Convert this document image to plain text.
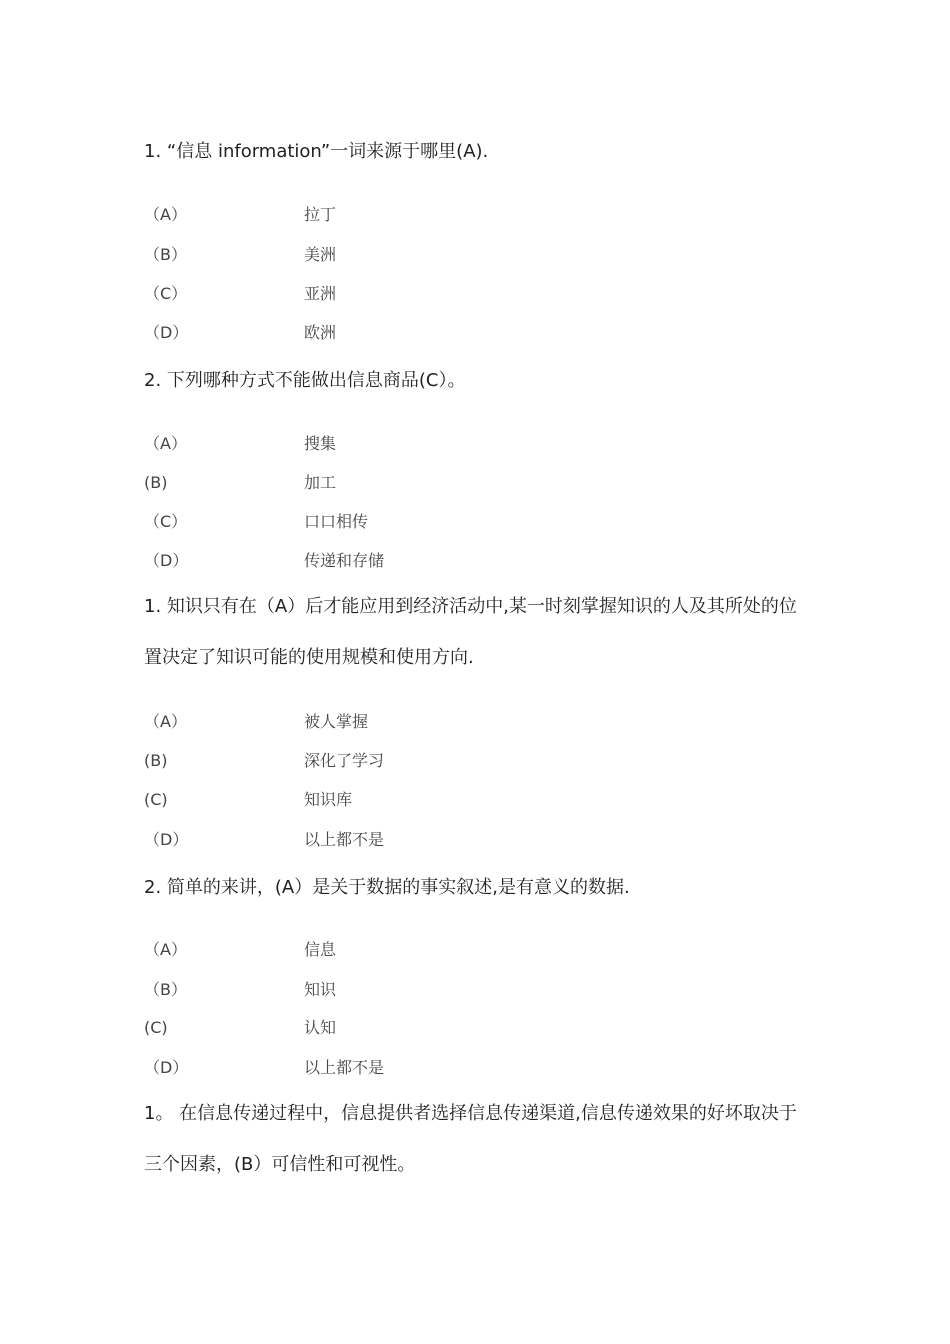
1. “信息 information”一词来源于哪里(A).

（A）	拉丁
（B）	美洲
（C）	亚洲
（D）	欧洲

2. 下列哪种方式不能做出信息商品(C）。

（A）	搜集
(B)	加工
（C）	口口相传
（D）	传递和存储

1. 知识只有在（A）后才能应用到经济活动中,某一时刻掌握知识的人及其所处的位置决定了知识可能的使用规模和使用方向.

（A）	被人掌握
(B)	深化了学习
(C)	知识库
（D）	以上都不是

2. 简单的来讲，(A）是关于数据的事实叙述,是有意义的数据.

（A）	信息
（B）	知识
(C)	认知
（D）	以上都不是

1。 在信息传递过程中，信息提供者选择信息传递渠道,信息传递效果的好坏取决于三个因素，(B）可信性和可视性。
